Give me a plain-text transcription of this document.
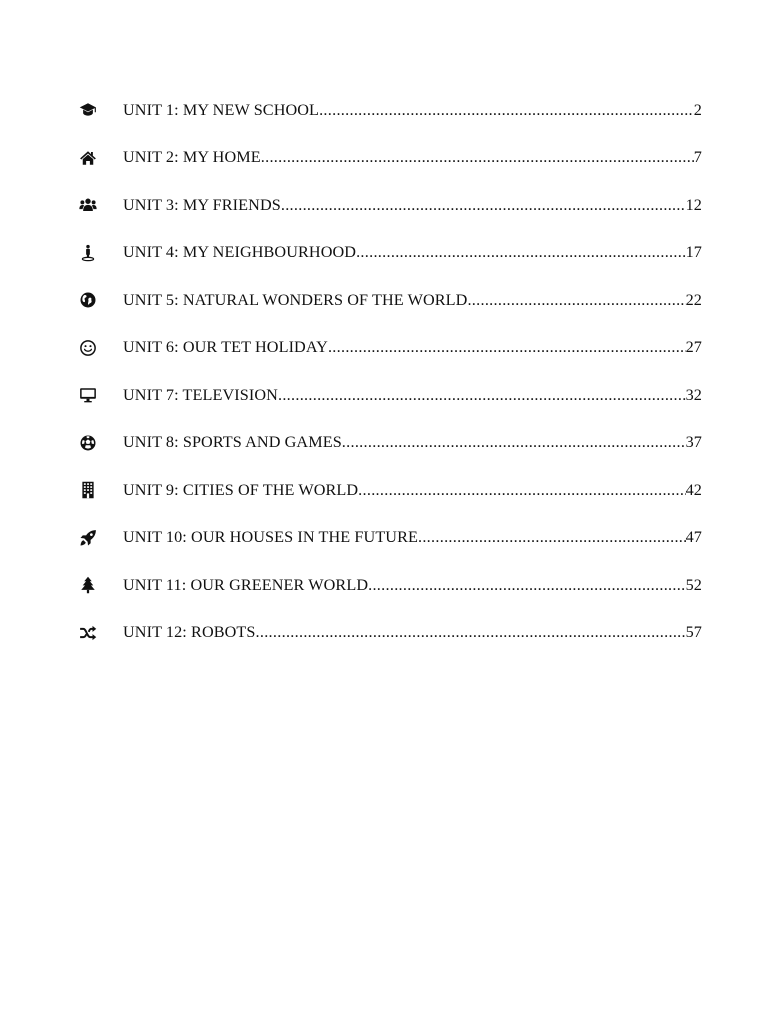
UNIT 1: MY NEW SCHOOL .....	2
UNIT 2: MY HOME .....	7
UNIT 3: MY FRIENDS .....	12
UNIT 4: MY NEIGHBOURHOOD .....	17
UNIT 5: NATURAL WONDERS OF THE WORLD .....	22
UNIT 6: OUR TET HOLIDAY .....	27
UNIT 7: TELEVISION .....	32
UNIT 8: SPORTS AND GAMES .....	37
UNIT 9: CITIES OF THE WORLD .....	42
UNIT 10: OUR HOUSES IN THE FUTURE .....	47
UNIT 11: OUR GREENER WORLD .....	52
UNIT 12: ROBOTS .....	57
